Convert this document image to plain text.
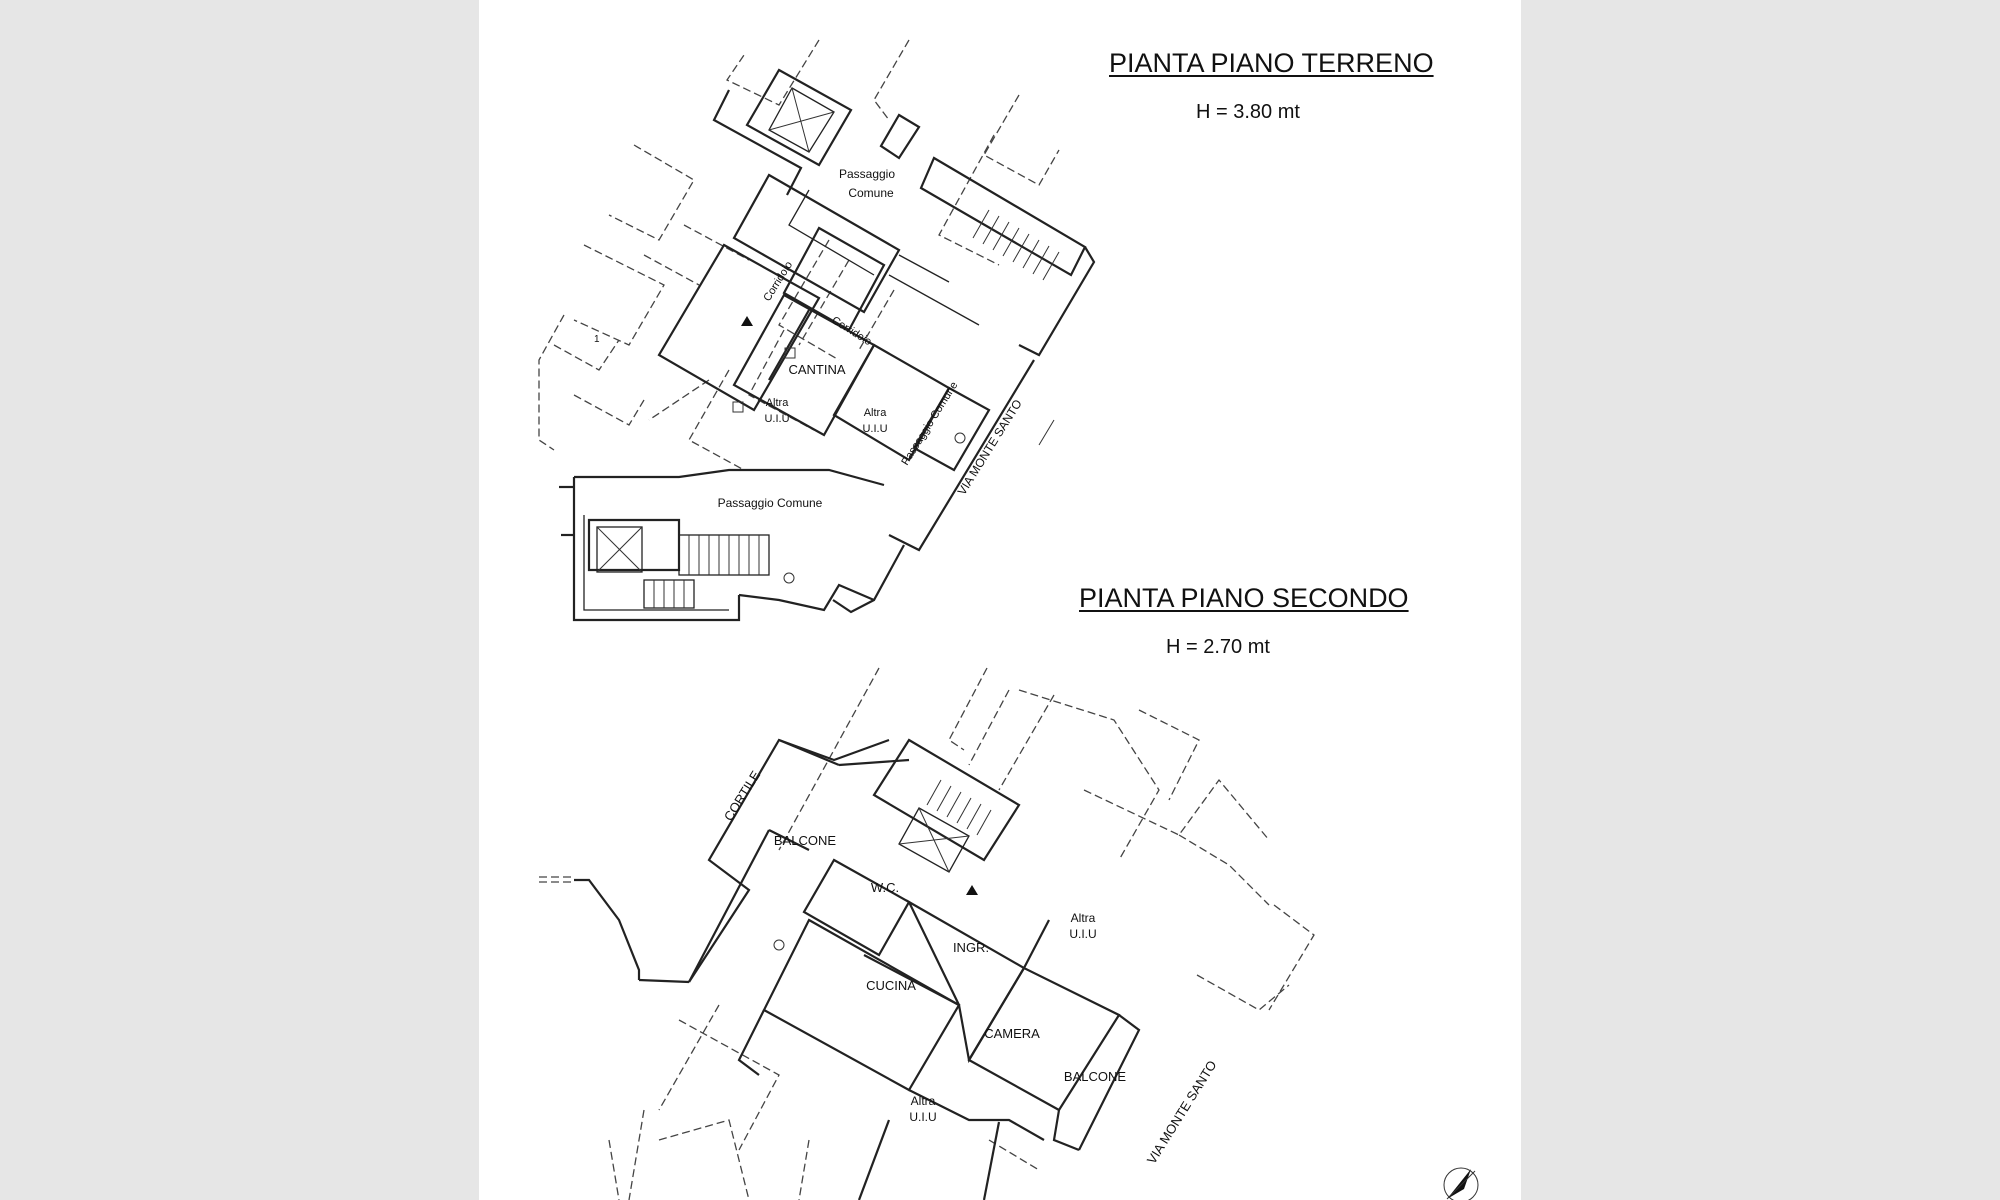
PIANTA PIANO TERRENO
H = 3.80 mt
PIANTA PIANO SECONDO
H = 2.70 mt
Passaggio
Comune
Corridoio
Corridoio
CANTINA
Altra
U.I.U	Altra
U.I.U Passaggio Comune
Passaggio Comune
VIA MONTE SANTO
1
CORTILE
BALCONE
W.C.
INGR.
CUCINA
CAMERA
BALCONE
Altra
U.I.U
Altra
U.I.U	VIA MONTE SANTO
